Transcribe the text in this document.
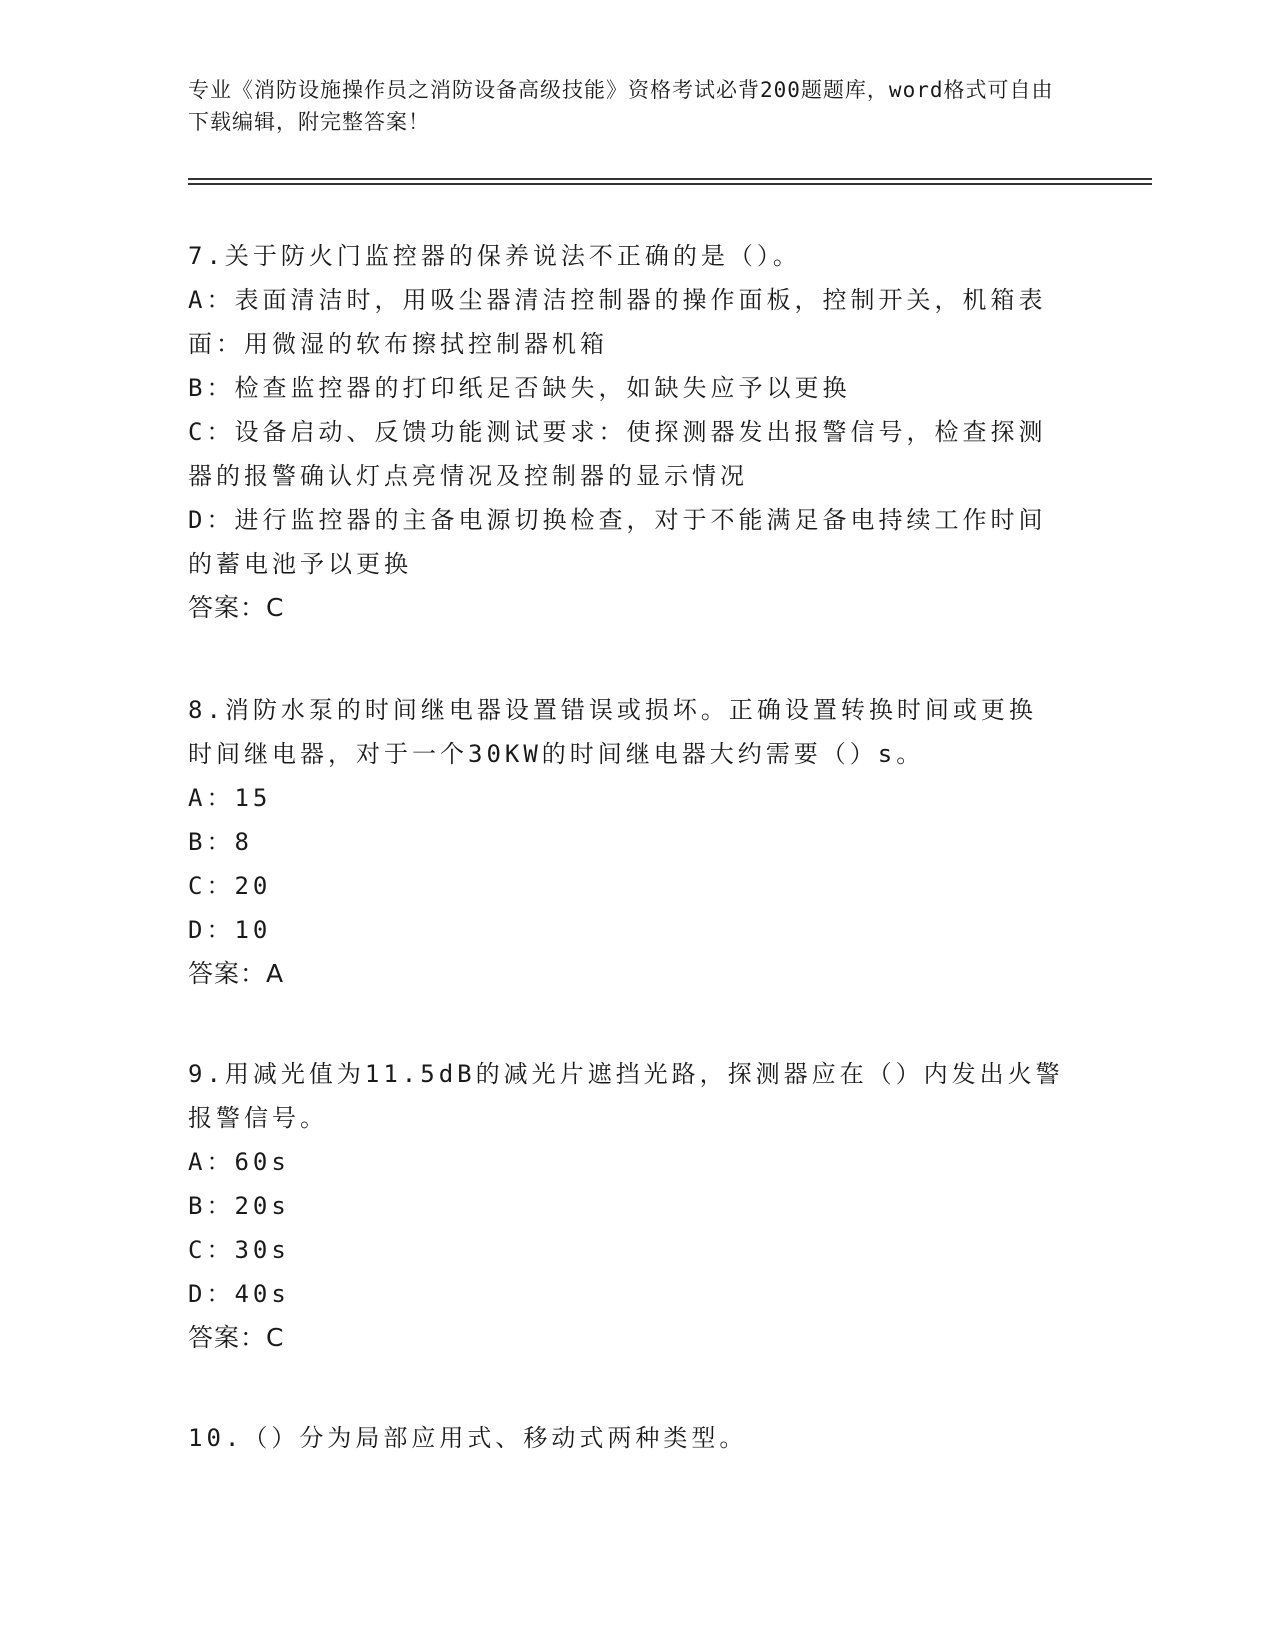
专业《消防设施操作员之消防设备高级技能》资格考试必背200题题库，word格式可自由下载编辑，附完整答案！
7.关于防火门监控器的保养说法不正确的是（）。
A：表面清洁时，用吸尘器清洁控制器的操作面板，控制开关，机箱表
面：用微湿的软布擦拭控制器机箱
B：检查监控器的打印纸足否缺失，如缺失应予以更换
C：设备启动、反馈功能测试要求：使探测器发出报警信号，检查探测
器的报警确认灯点亮情况及控制器的显示情况
D：进行监控器的主备电源切换检查，对于不能满足备电持续工作时间
的蓄电池予以更换
答案：C
8.消防水泵的时间继电器设置错误或损坏。正确设置转换时间或更换
时间继电器，对于一个30KW的时间继电器大约需要（）s。
A：15
B：8
C：20
D：10
答案：A
9.用减光值为11.5dB的减光片遮挡光路，探测器应在（）内发出火警
报警信号。
A：60s
B：20s
C：30s
D：40s
答案：C
10.（）分为局部应用式、移动式两种类型。
